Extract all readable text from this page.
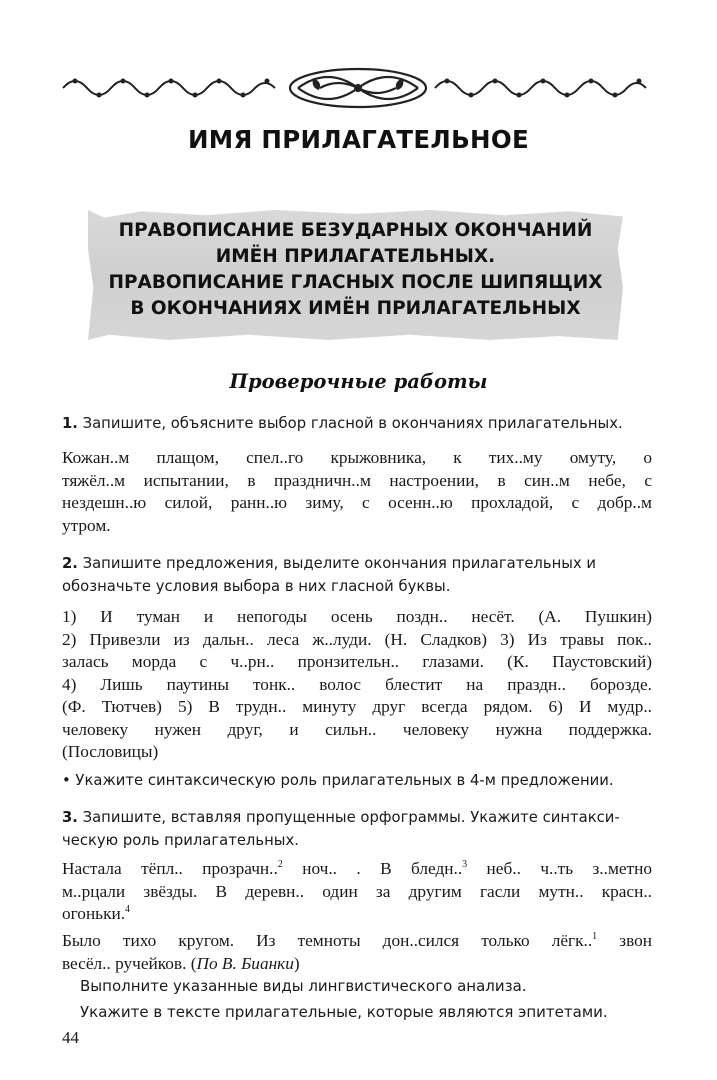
ИМЯ ПРИЛАГАТЕЛЬНОЕ
ПРАВОПИСАНИЕ БЕЗУДАРНЫХ ОКОНЧАНИЙ
ИМЁН ПРИЛАГАТЕЛЬНЫХ.
ПРАВОПИСАНИЕ ГЛАСНЫХ ПОСЛЕ ШИПЯЩИХ
В ОКОНЧАНИЯХ ИМЁН ПРИЛАГАТЕЛЬНЫХ
Проверочные работы
1. Запишите, объясните выбор гласной в окончаниях прилагательных.
Кожан..м плащом, спел..го крыжовника, к тих..му омуту, о
тяжёл..м испытании, в праздничн..м настроении, в син..м небе, с
нездешн..ю силой, ранн..ю зиму, с осенн..ю прохладой, с добр..м
утром.
2. Запишите предложения, выделите окончания прилагательных и
обозначьте условия выбора в них гласной буквы.
1) И туман и непогоды осень поздн.. несёт. (А. Пушкин)
2) Привезли из дальн.. леса ж..луди. (Н. Сладков) 3) Из травы пок..
залась морда с ч..рн.. пронзительн.. глазами. (К. Паустовский)
4) Лишь паутины тонк.. волос блестит на праздн.. борозде.
(Ф. Тютчев) 5) В трудн.. минуту друг всегда рядом. 6) И мудр..
человеку нужен друг, и сильн.. человеку нужна поддержка.
(Пословицы)
• Укажите синтаксическую роль прилагательных в 4-м предложении.
3. Запишите, вставляя пропущенные орфограммы. Укажите синтакси-
ческую роль прилагательных.
Настала тёпл.. прозрачн..$^2$ ноч.. . В бледн..$^3$ неб.. ч..ть з..метно
м..рцали звёзды. В деревн.. один за другим гасли мутн.. красн..
огоньки.$^4$
Было тихо кругом. Из темноты дон..сился только лёгк..$^1$ звон
весёл.. ручейков. (По В. Бианки)
Выполните указанные виды лингвистического анализа.
Укажите в тексте прилагательные, которые являются эпитетами.
44
